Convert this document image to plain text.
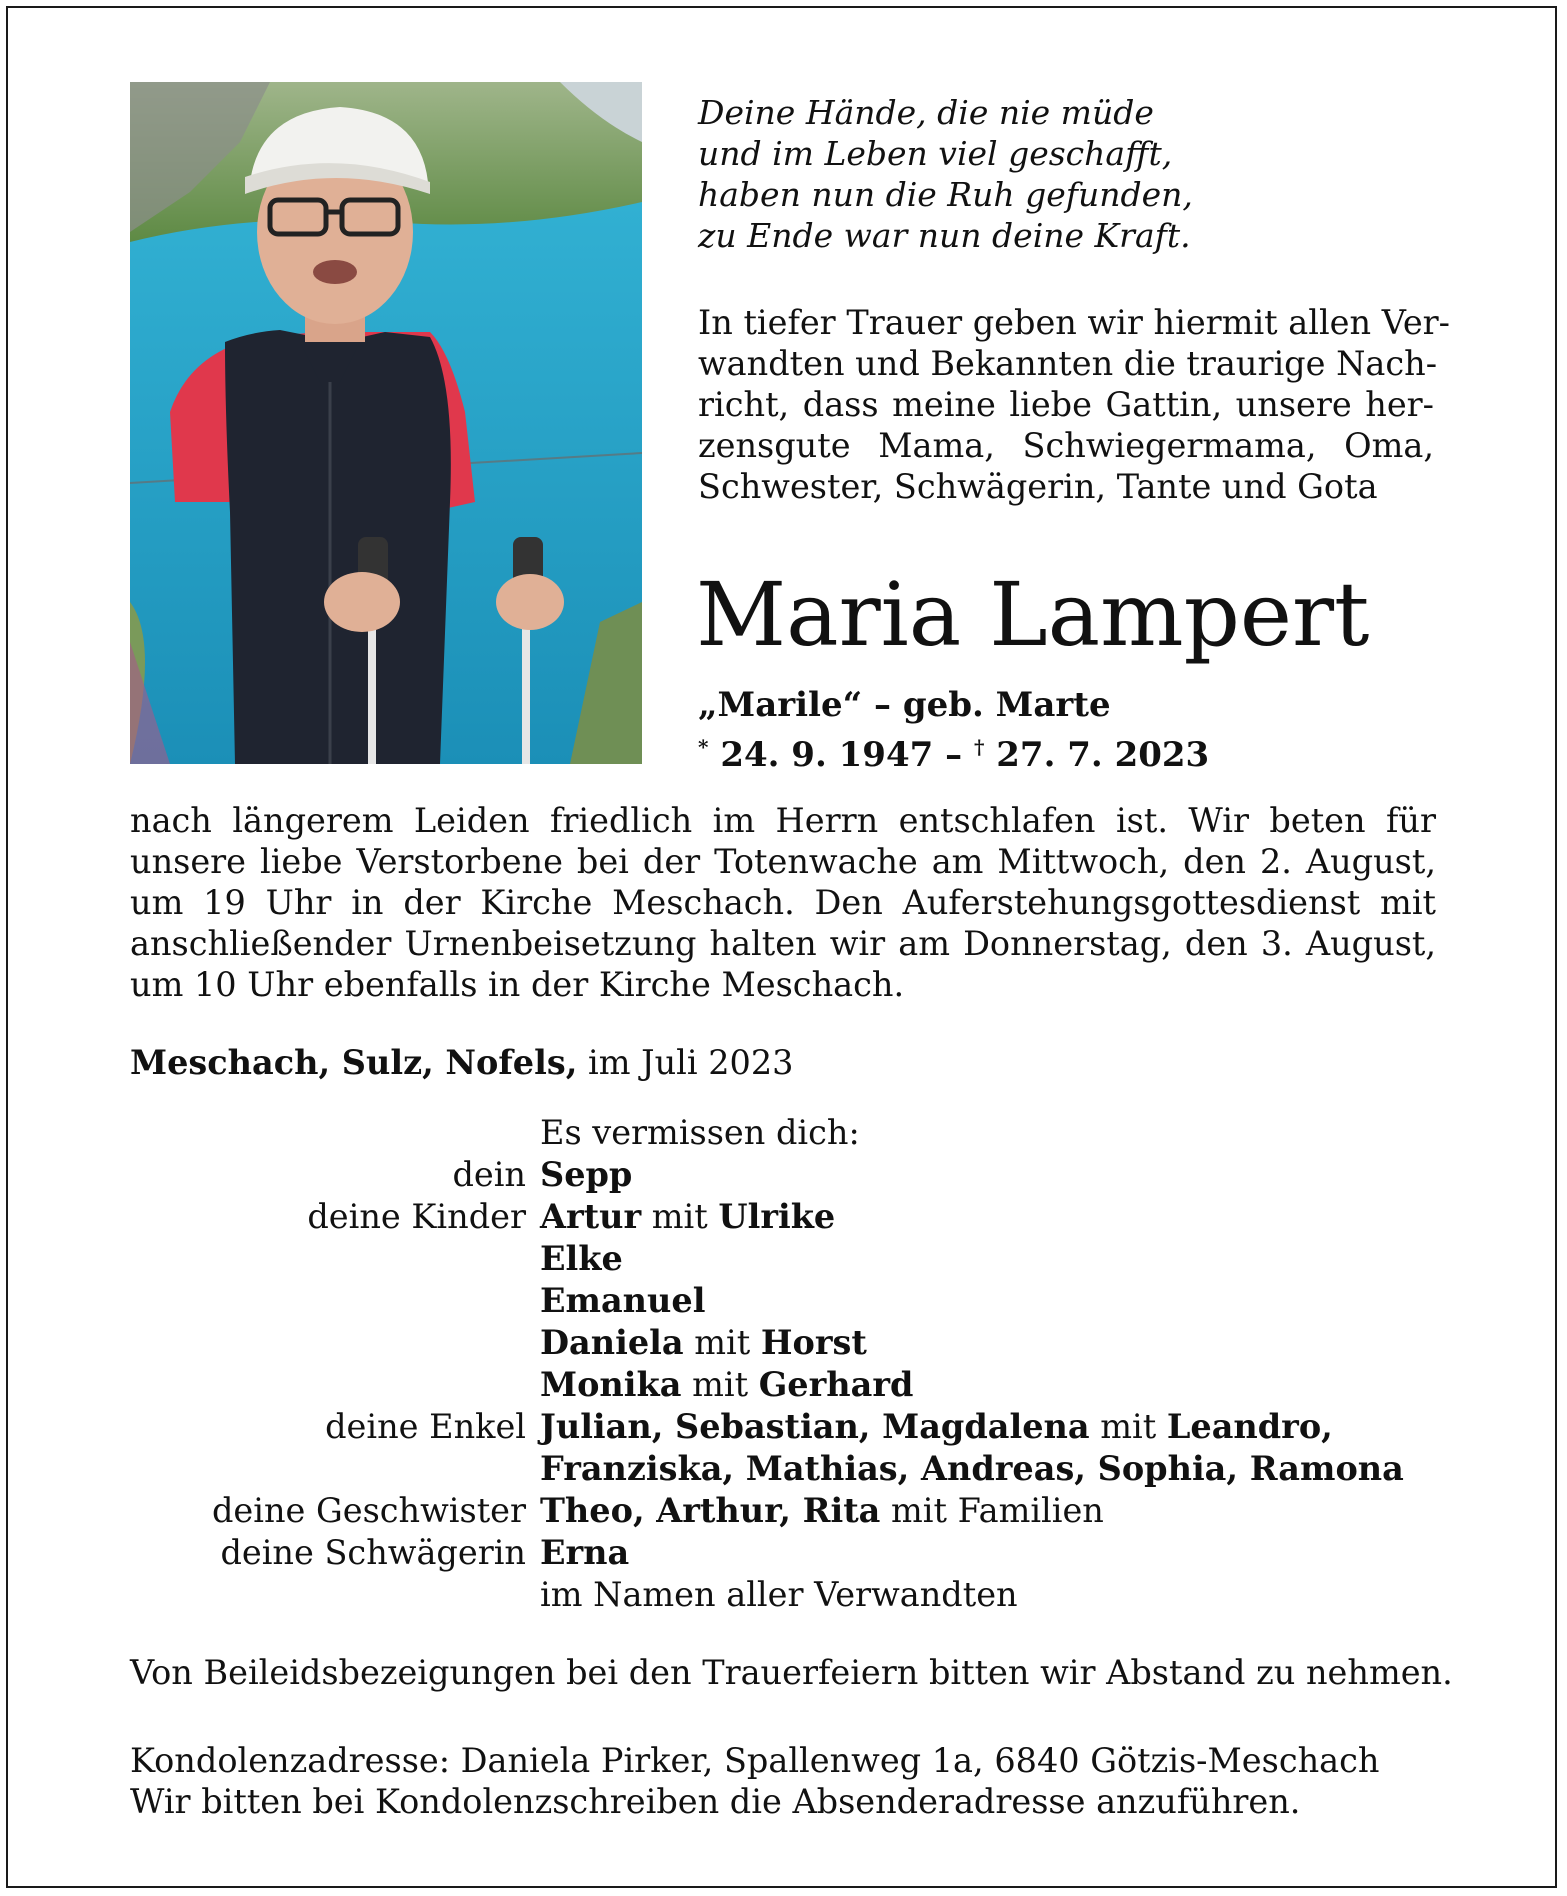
Deine Hände, die nie müde
und im Leben viel geschafft,
haben nun die Ruh gefunden,
zu Ende war nun deine Kraft.
In tiefer Trauer geben wir hiermit allen Ver-
wandten und Bekannten die traurige Nach-
richt, dass meine liebe Gattin, unsere her-
zensgute Mama, Schwiegermama, Oma,
Schwester, Schwägerin, Tante und Gota
Maria Lampert
„Marile“ – geb. Marte
* 24. 9. 1947 – † 27. 7. 2023
nach längerem Leiden friedlich im Herrn entschlafen ist. Wir beten für
unsere liebe Verstorbene bei der Totenwache am Mittwoch, den 2. August,
um 19 Uhr in der Kirche Meschach. Den Auferstehungsgottesdienst mit
anschließender Urnenbeisetzung halten wir am Donnerstag, den 3. August,
um 10 Uhr ebenfalls in der Kirche Meschach.
Meschach, Sulz, Nofels, im Juli 2023
Es vermissen dich:
dein Sepp
deine Kinder Artur mit Ulrike
Elke
Emanuel
Daniela mit Horst
Monika mit Gerhard
deine Enkel Julian, Sebastian, Magdalena mit Leandro,
Franziska, Mathias, Andreas, Sophia, Ramona
deine Geschwister Theo, Arthur, Rita mit Familien
deine Schwägerin Erna
im Namen aller Verwandten
Von Beileidsbezeigungen bei den Trauerfeiern bitten wir Abstand zu nehmen.
Kondolenzadresse: Daniela Pirker, Spallenweg 1a, 6840 Götzis-Meschach
Wir bitten bei Kondolenzschreiben die Absenderadresse anzuführen.
